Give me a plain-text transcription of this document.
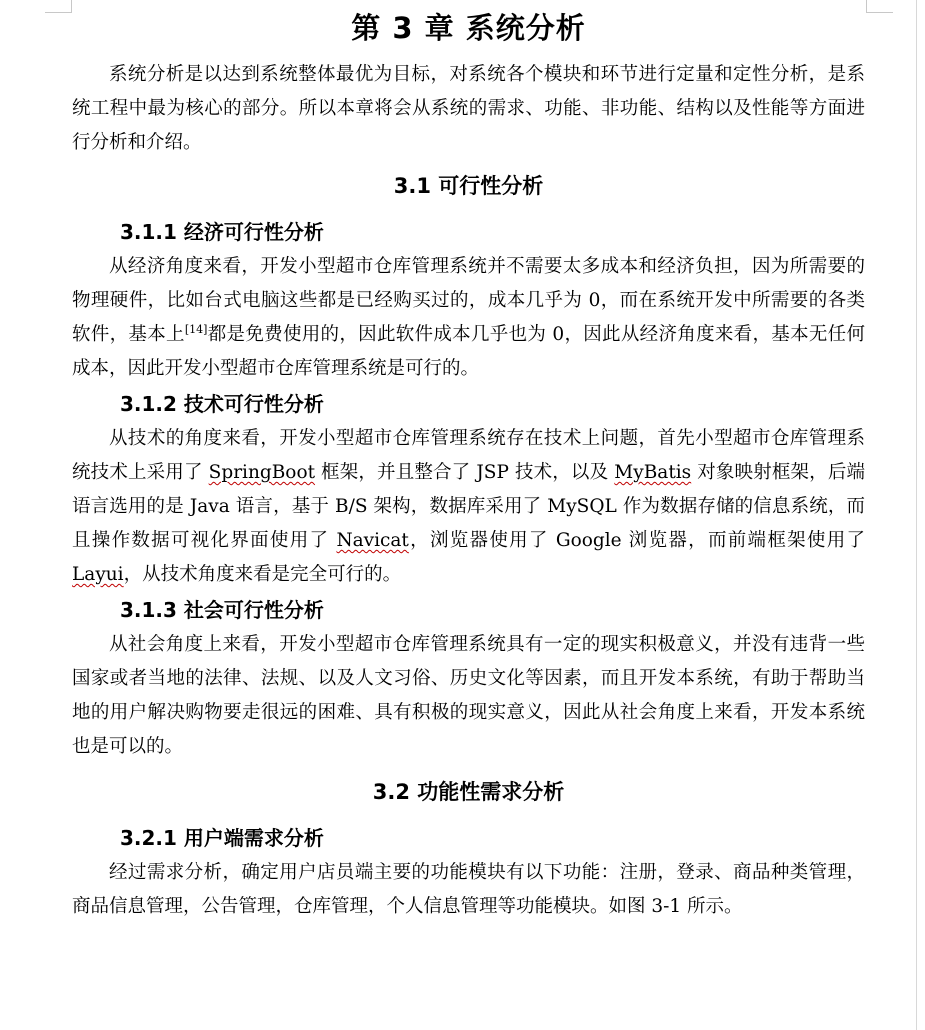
第 3 章 系统分析

系统分析是以达到系统整体最优为目标，对系统各个模块和环节进行定量和定性分析，是系统工程中最为核心的部分。所以本章将会从系统的需求、功能、非功能、结构以及性能等方面进行分析和介绍。

3.1 可行性分析
3.1.1 经济可行性分析

从经济角度来看，开发小型超市仓库管理系统并不需要太多成本和经济负担，因为所需要的物理硬件，比如台式电脑这些都是已经购买过的，成本几乎为 0，而在系统开发中所需要的各类软件，基本上[14]都是免费使用的，因此软件成本几乎也为 0，因此从经济角度来看，基本无任何成本，因此开发小型超市仓库管理系统是可行的。

3.1.2 技术可行性分析

从技术的角度来看，开发小型超市仓库管理系统存在技术上问题，首先小型超市仓库管理系统技术上采用了 SpringBoot 框架，并且整合了 JSP 技术，以及 MyBatis 对象映射框架，后端语言选用的是 Java 语言，基于 B/S 架构，数据库采用了 MySQL 作为数据存储的信息系统，而且操作数据可视化界面使用了 Navicat，浏览器使用了 Google 浏览器，而前端框架使用了 Layui，从技术角度来看是完全可行的。

3.1.3 社会可行性分析

从社会角度上来看，开发小型超市仓库管理系统具有一定的现实积极意义，并没有违背一些国家或者当地的法律、法规、以及人文习俗、历史文化等因素，而且开发本系统，有助于帮助当地的用户解决购物要走很远的困难、具有积极的现实意义，因此从社会角度上来看，开发本系统也是可以的。

3.2 功能性需求分析
3.2.1 用户端需求分析

经过需求分析，确定用户店员端主要的功能模块有以下功能：注册，登录、商品种类管理，商品信息管理，公告管理，仓库管理，个人信息管理等功能模块。如图 3-1 所示。
